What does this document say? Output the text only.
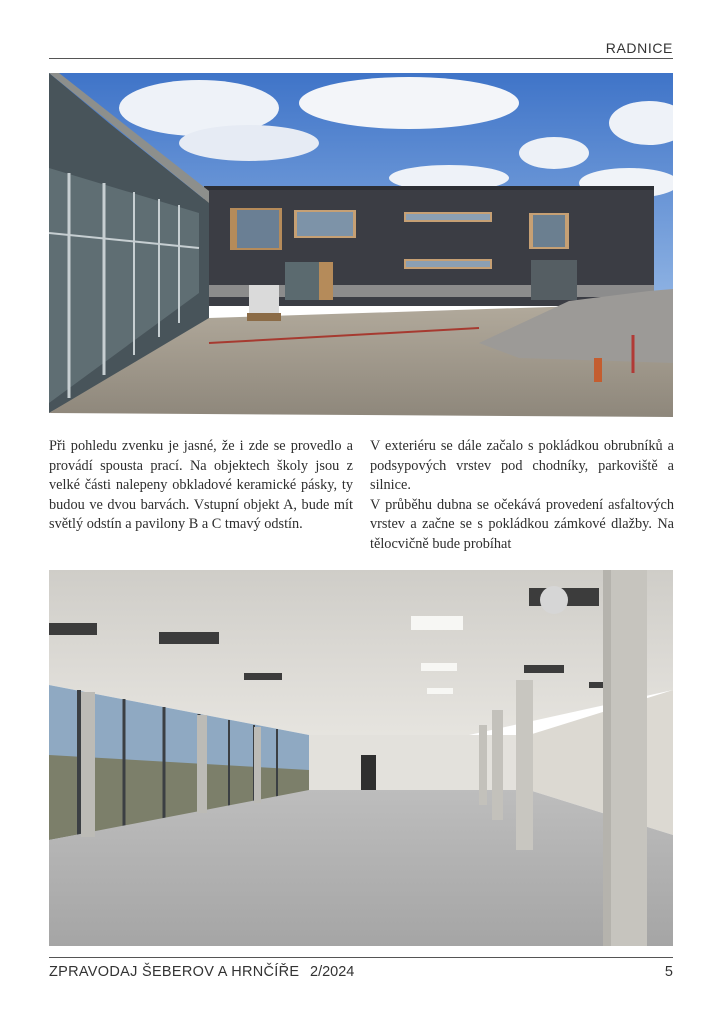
RADNICE

Při pohledu zvenku je jasné, že i zde se provedlo a provádí spousta prací. Na objektech školy jsou z velké části nalepeny obkladové keramické pásky, ty budou ve dvou barvách. Vstupní objekt A, bude mít světlý odstín a pavilony B a C tmavý odstín.

V exteriéru se dále začalo s pokládkou obrubníků a podsypových vrstev pod chodníky, parkoviště a silnice.

V průběhu dubna se očekává provedení asfaltových vrstev a začne se s pokládkou zámkové dlažby. Na tělocvičně bude probíhat

ZPRAVODAJ ŠEBEROV A HRNČÍŘE 2/2024	5
